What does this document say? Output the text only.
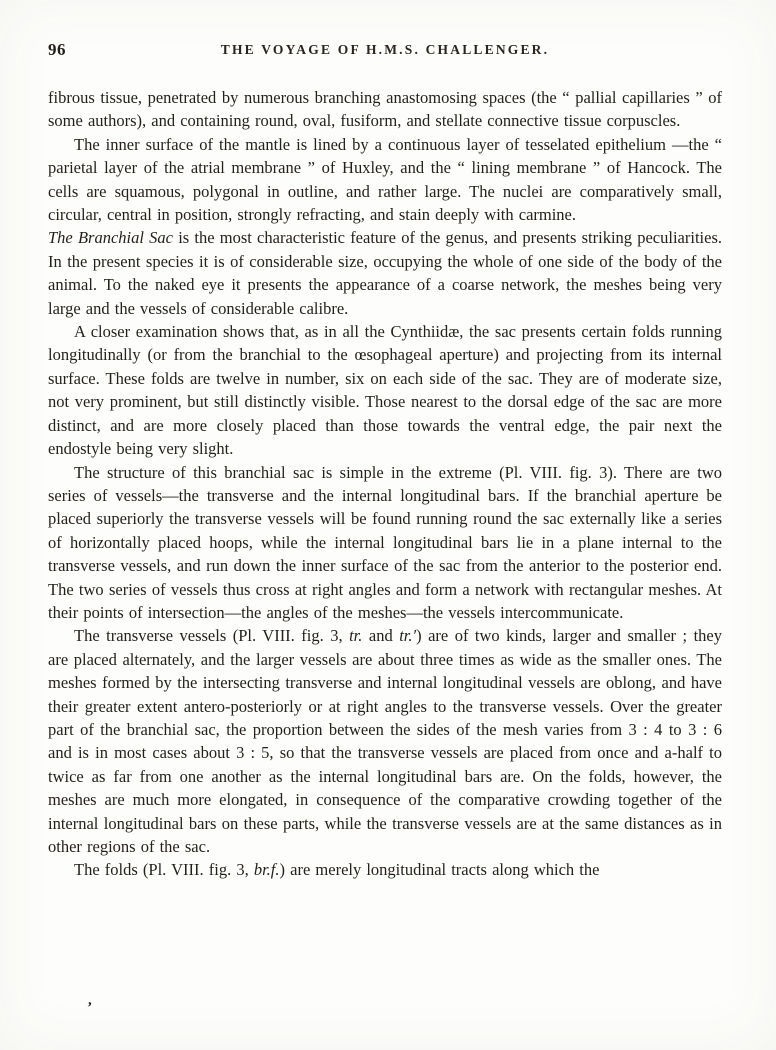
96	THE VOYAGE OF H.M.S. CHALLENGER.

fibrous tissue, penetrated by numerous branching anastomosing spaces (the “ pallial capillaries ” of some authors), and containing round, oval, fusiform, and stellate connective tissue corpuscles.

The inner surface of the mantle is lined by a continuous layer of tesselated epithelium —the “ parietal layer of the atrial membrane ” of Huxley, and the “ lining membrane ” of Hancock. The cells are squamous, polygonal in outline, and rather large. The nuclei are comparatively small, circular, central in position, strongly refracting, and stain deeply with carmine.

The Branchial Sac is the most characteristic feature of the genus, and presents striking peculiarities. In the present species it is of considerable size, occupying the whole of one side of the body of the animal. To the naked eye it presents the appearance of a coarse network, the meshes being very large and the vessels of considerable calibre.

A closer examination shows that, as in all the Cynthiidæ, the sac presents certain folds running longitudinally (or from the branchial to the œsophageal aperture) and projecting from its internal surface. These folds are twelve in number, six on each side of the sac. They are of moderate size, not very prominent, but still distinctly visible. Those nearest to the dorsal edge of the sac are more distinct, and are more closely placed than those towards the ventral edge, the pair next the endostyle being very slight.

The structure of this branchial sac is simple in the extreme (Pl. VIII. fig. 3). There are two series of vessels—the transverse and the internal longitudinal bars. If the branchial aperture be placed superiorly the transverse vessels will be found running round the sac externally like a series of horizontally placed hoops, while the internal longitudinal bars lie in a plane internal to the transverse vessels, and run down the inner surface of the sac from the anterior to the posterior end. The two series of vessels thus cross at right angles and form a network with rectangular meshes. At their points of intersection—the angles of the meshes—the vessels intercommunicate.

The transverse vessels (Pl. VIII. fig. 3, tr. and tr.′) are of two kinds, larger and smaller ; they are placed alternately, and the larger vessels are about three times as wide as the smaller ones. The meshes formed by the intersecting transverse and internal longitudinal vessels are oblong, and have their greater extent antero-posteriorly or at right angles to the transverse vessels. Over the greater part of the branchial sac, the proportion between the sides of the mesh varies from 3 : 4 to 3 : 6 and is in most cases about 3 : 5, so that the transverse vessels are placed from once and a-half to twice as far from one another as the internal longitudinal bars are. On the folds, however, the meshes are much more elongated, in consequence of the comparative crowding together of the internal longitudinal bars on these parts, while the transverse vessels are at the same distances as in other regions of the sac.

The folds (Pl. VIII. fig. 3, br.f.) are merely longitudinal tracts along which the

’
